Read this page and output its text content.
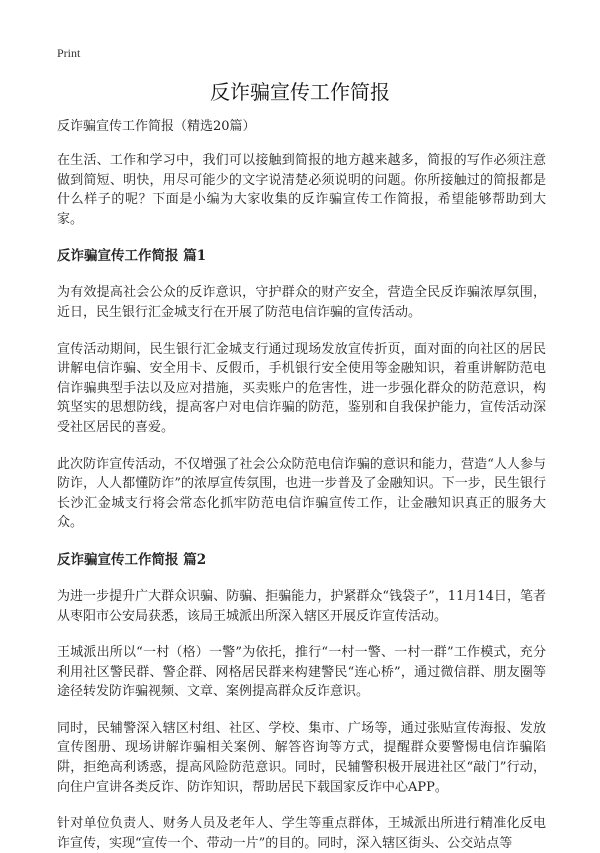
Print
反诈骗宣传工作简报

反诈骗宣传工作简报（精选20篇）

在生活、工作和学习中，我们可以接触到简报的地方越来越多，简报的写作必须注意做到简短、明快，用尽可能少的文字说清楚必须说明的问题。你所接触过的简报都是什么样子的呢？下面是小编为大家收集的反诈骗宣传工作简报，希望能够帮助到大家。

反诈骗宣传工作简报 篇1

为有效提高社会公众的反诈意识，守护群众的财产安全，营造全民反诈骗浓厚氛围，近日，民生银行汇金城支行在开展了防范电信诈骗的宣传活动。

宣传活动期间，民生银行汇金城支行通过现场发放宣传折页，面对面的向社区的居民讲解电信诈骗、安全用卡、反假币，手机银行安全使用等金融知识，着重讲解防范电信诈骗典型手法以及应对措施，买卖账户的危害性，进一步强化群众的防范意识，构筑坚实的思想防线，提高客户对电信诈骗的防范，鉴别和自我保护能力，宣传活动深受社区居民的喜爱。

此次防诈宣传活动，不仅增强了社会公众防范电信诈骗的意识和能力，营造“人人参与防诈，人人都懂防诈”的浓厚宣传氛围，也进一步普及了金融知识。下一步，民生银行长沙汇金城支行将会常态化抓牢防范电信诈骗宣传工作，让金融知识真正的服务大众。

反诈骗宣传工作简报 篇2

为进一步提升广大群众识骗、防骗、拒骗能力，护紧群众“钱袋子”，11月14日，笔者从枣阳市公安局获悉，该局王城派出所深入辖区开展反诈宣传活动。

王城派出所以“一村（格）一警”为依托，推行“一村一警、一村一群”工作模式，充分利用社区警民群、警企群、网格居民群来构建警民“连心桥”，通过微信群、朋友圈等途径转发防诈骗视频、文章、案例提高群众反诈意识。

同时，民辅警深入辖区村组、社区、学校、集市、广场等，通过张贴宣传海报、发放宣传图册、现场讲解诈骗相关案例、解答咨询等方式，提醒群众要警惕电信诈骗陷阱，拒绝高利诱惑，提高风险防范意识。同时，民辅警积极开展进社区“敲门”行动，向住户宣讲各类反诈、防诈知识，帮助居民下载国家反诈中心APP。

针对单位负责人、财务人员及老年人、学生等重点群体，王城派出所进行精准化反电诈宣传，实现“宣传一个、带动一片”的目的。同时，深入辖区街头、公交站点等
